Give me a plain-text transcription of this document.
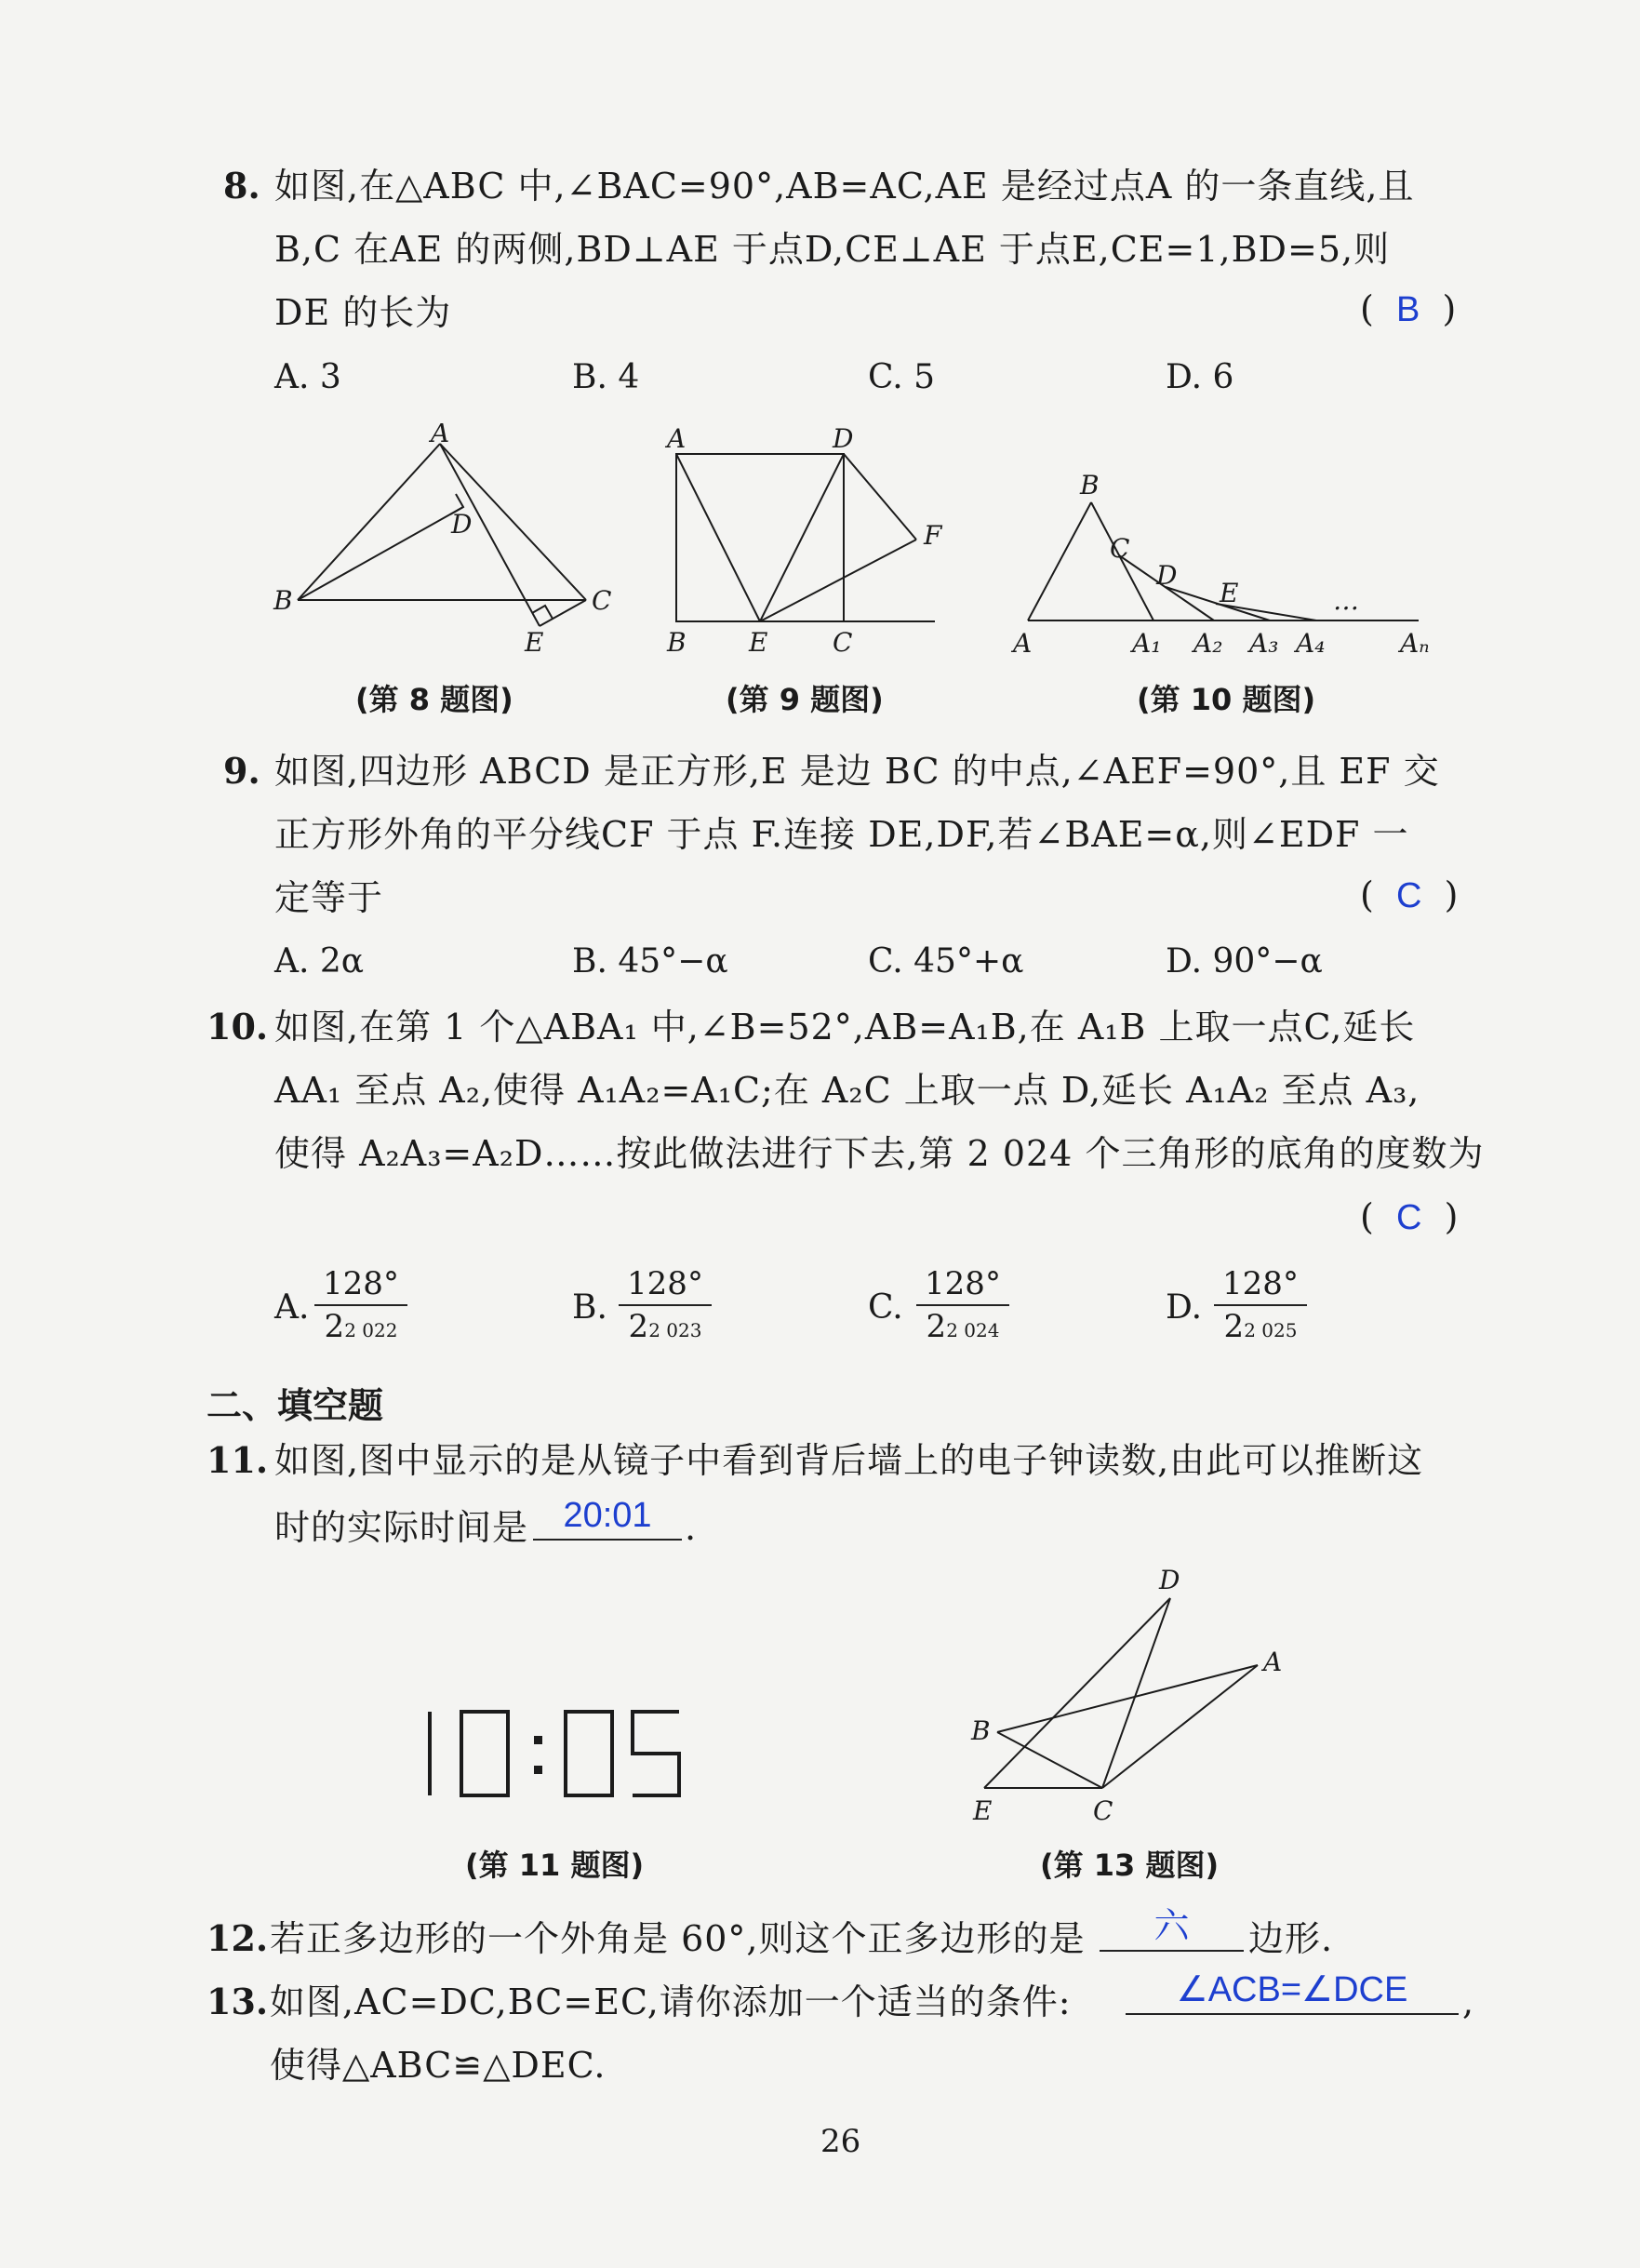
8. 如图,在△ABC 中,∠BAC=90°,AB=AC,AE 是经过点A 的一条直线,且
B,C 在AE 的两侧,BD⊥AE 于点D,CE⊥AE 于点E,CE=1,BD=5,则
DE 的长为	(  B  )
A. 3	B. 4	C. 5	D. 6
A
D
B	C
E
(第 8 题图)
A	D
F
B E C
(第 9 题图)
B
C
D
E	…
A	A₁ A₂ A₃ A₄	Aₙ
(第 10 题图)
9. 如图,四边形 ABCD 是正方形,E 是边 BC 的中点,∠AEF=90°,且 EF 交
正方形外角的平分线CF 于点 F.连接 DE,DF,若∠BAE=α,则∠EDF 一
定等于	(  C  )
A. 2α	B. 45°−α	C. 45°+α	D. 90°−α
10. 如图,在第 1 个△ABA₁ 中,∠B=52°,AB=A₁B,在 A₁B 上取一点C,延长
AA₁ 至点 A₂,使得 A₁A₂=A₁C;在 A₂C 上取一点 D,延长 A₁A₂ 至点 A₃,
使得 A₂A₃=A₂D……按此做法进行下去,第 2 024 个三角形的底角的度数为
(  C  )
A.
128°
$2^{2 022}$
B.
128°
$2^{2 023}$
C.
128°
$2^{2 024}$
D.
128°
$2^{2 025}$
二、填空题
11. 如图,图中显示的是从镜子中看到背后墙上的电子钟读数,由此可以推断这
时的实际时间是 20:01 .
(第 11 题图)
D
A
B
E	C
(第 13 题图)
12. 若正多边形的一个外角是 60°,则这个正多边形的是	六	边形.
13. 如图,AC=DC,BC=EC,请你添加一个适当的条件:	∠ACB=∠DCE	,
使得△ABC≌△DEC.
26
